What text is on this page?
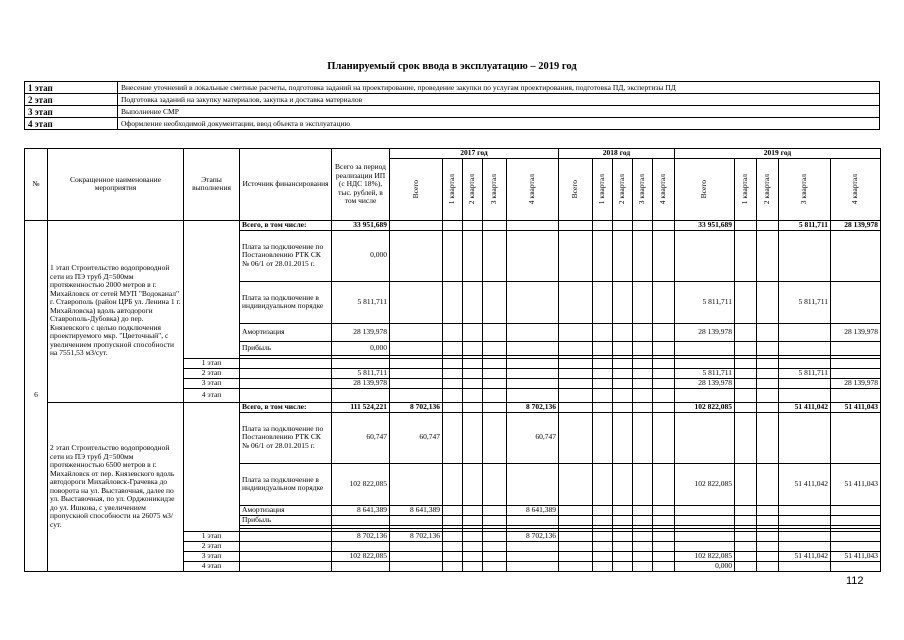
Планируемый срок ввода в эксплуатацию – 2019 год
1 этап	Внесение уточнений в локальные сметные расчеты, подготовка заданий на проектирование, проведение закупки по услугам проектирования, подготовка ПД, экспертизы ПД
2 этап	Подготовка заданий на закупку материалов, закупка и доставка материалов
3 этап	Выполнение СМР
4 этап	Оформление необходимой документации, ввод объекта в эксплуатацию
№	Сокращенное наименование мероприятия	Этапы выполнения	Источник финансирования	Всего за период реализации ИП (с НДС 18%), тыс. рублей, в том числе	2017 год					2018 год					2019 год				

					Всего	1 квартал	2 квартал	3 квартал	4 квартал	Всего	1 квартал	2 квартал	3 квартал	4 квартал	Всего	1 квартал	2 квартал	3 квартал	4 квартал

6	1 этап Строительство водопроводной сети из ПЭ труб Д=500мм протяженностью 2000 метров в г. Михайловск от сетей МУП "Водоканал" г. Ставрополь (район ЦРБ ул. Ленина 1 г. Михайловска) вдоль автодороги Ставрополь-Дубовка) до пер. Князевского с целью подключения проектируемого мкр. "Цветочный", с увеличением пропускной способности на 7551,53 м3/сут.		Всего, в том числе:	33 951,689											33 951,689			5 811,711	28 139,978
			Плата за подключение по Постановлению РТК СК № 06/1 от 28.01.2015 г.	0,000															
			Плата за подключение в индивидуальном порядке	5 811,711											5 811,711			5 811,711	
			Амортизация	28 139,978											28 139,978				28 139,978
			Прибыль	0,000															

		1 этап																	
		2 этап		5 811,711											5 811,711			5 811,711	
		3 этап		28 139,978											28 139,978				28 139,978
		4 этап																	
	2 этап Строительство водопроводной сети из ПЭ труб Д=500мм протяженностью 6500 метров в г. Михайловск от пер. Князевского вдоль автодороги Михайловск-Грачевка до поворота на ул. Выставочная, далее по ул. Выставочная, по ул. Орджоникидзе до ул. Ишкова, с увеличением пропускной способности на 26075 м3/сут.		Всего, в том числе:	111 524,221	8 702,136				8 702,136						102 822,085			51 411,042	51 411,043
			Плата за подключение по Постановлению РТК СК № 06/1 от 28.01.2015 г.	60,747	60,747				60,747										
			Плата за подключение в индивидуальном порядке	102 822,085											102 822,085			51 411,042	51 411,043
			Амортизация	8 641,389	8 641,389				8 641,389										
			Прибыль																

		1 этап		8 702,136	8 702,136				8 702,136										
		2 этап																	
		3 этап		102 822,085											102 822,085			51 411,042	51 411,043
		4 этап													0,000				
112
